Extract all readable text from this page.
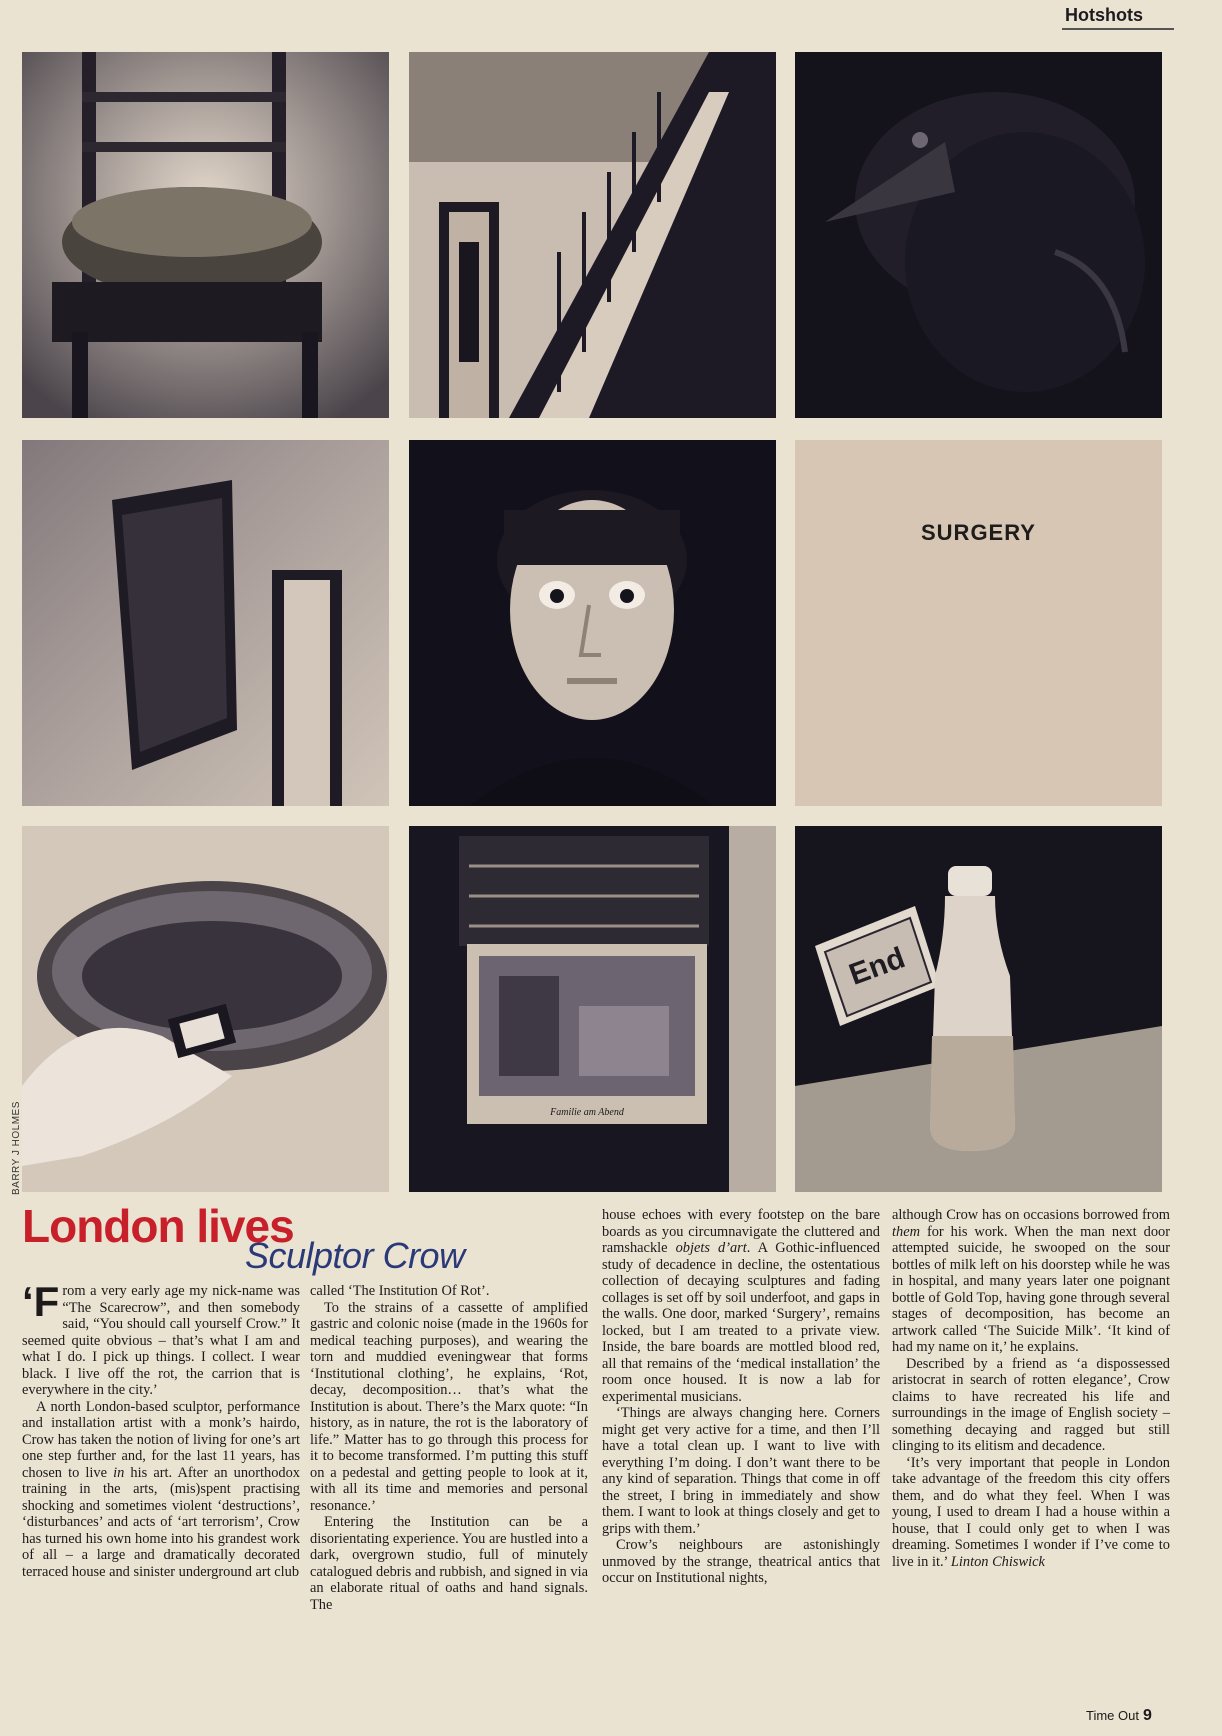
Hotshots
SURGERY
Familie am Abend
End
BARRY J HOLMES
London lives
Sculptor Crow

‘F rom a very early age my nick-name was “The Scarecrow”, and then somebody said, “You should call yourself Crow.” It seemed quite obvious – that’s what I am and what I do. I pick up things. I collect. I wear black. I live off the rot, the carrion that is everywhere in the city.’

A north London-based sculptor, performance and installation artist with a monk’s hairdo, Crow has taken the notion of living for one’s art one step further and, for the last 11 years, has chosen to live in his art. After an unorthodox training in the arts, (mis)spent practising shocking and sometimes violent ‘destructions’, ‘disturbances’ and acts of ‘art terrorism’, Crow has turned his own home into his grandest work of all – a large and dramatically decorated terraced house and sinister underground art club

called ‘The Institution Of Rot’.

To the strains of a cassette of amplified gastric and colonic noise (made in the 1960s for medical teaching purposes), and wearing the torn and muddied eveningwear that forms ‘Institutional clothing’, he explains, ‘Rot, decay, decomposition… that’s what the Institution is about. There’s the Marx quote: “In history, as in nature, the rot is the laboratory of life.” Matter has to go through this process for it to become transformed. I’m putting this stuff on a pedestal and getting people to look at it, with all its time and memories and personal resonance.’

Entering the Institution can be a disorientating experience. You are hustled into a dark, overgrown studio, full of minutely catalogued debris and rubbish, and signed in via an elaborate ritual of oaths and hand signals. The

house echoes with every footstep on the bare boards as you circumnavigate the cluttered and ramshackle objets d’art. A Gothic-influenced study of decadence in decline, the ostentatious collection of decaying sculptures and fading collages is set off by soil underfoot, and gaps in the walls. One door, marked ‘Surgery’, remains locked, but I am treated to a private view. Inside, the bare boards are mottled blood red, all that remains of the ‘medical installation’ the room once housed. It is now a lab for experimental musicians.

‘Things are always changing here. Corners might get very active for a time, and then I’ll have a total clean up. I want to live with everything I’m doing. I don’t want there to be any kind of separation. Things that come in off the street, I bring in immediately and show them. I want to look at things closely and get to grips with them.’

Crow’s neighbours are astonishingly unmoved by the strange, theatrical antics that occur on Institutional nights,

although Crow has on occasions borrowed from them for his work. When the man next door attempted suicide, he swooped on the sour bottles of milk left on his doorstep while he was in hospital, and many years later one poignant bottle of Gold Top, having gone through several stages of decomposition, has become an artwork called ‘The Suicide Milk’. ‘It kind of had my name on it,’ he explains.

Described by a friend as ‘a dispossessed aristocrat in search of rotten elegance’, Crow claims to have recreated his life and surroundings in the image of English society – something decaying and ragged but still clinging to its elitism and decadence.

‘It’s very important that people in London take advantage of the freedom this city offers them, and do what they feel. When I was young, I used to dream I had a house within a house, that I could only get to when I was dreaming. Sometimes I wonder if I’ve come to live in it.’ Linton Chiswick

Time Out 9
